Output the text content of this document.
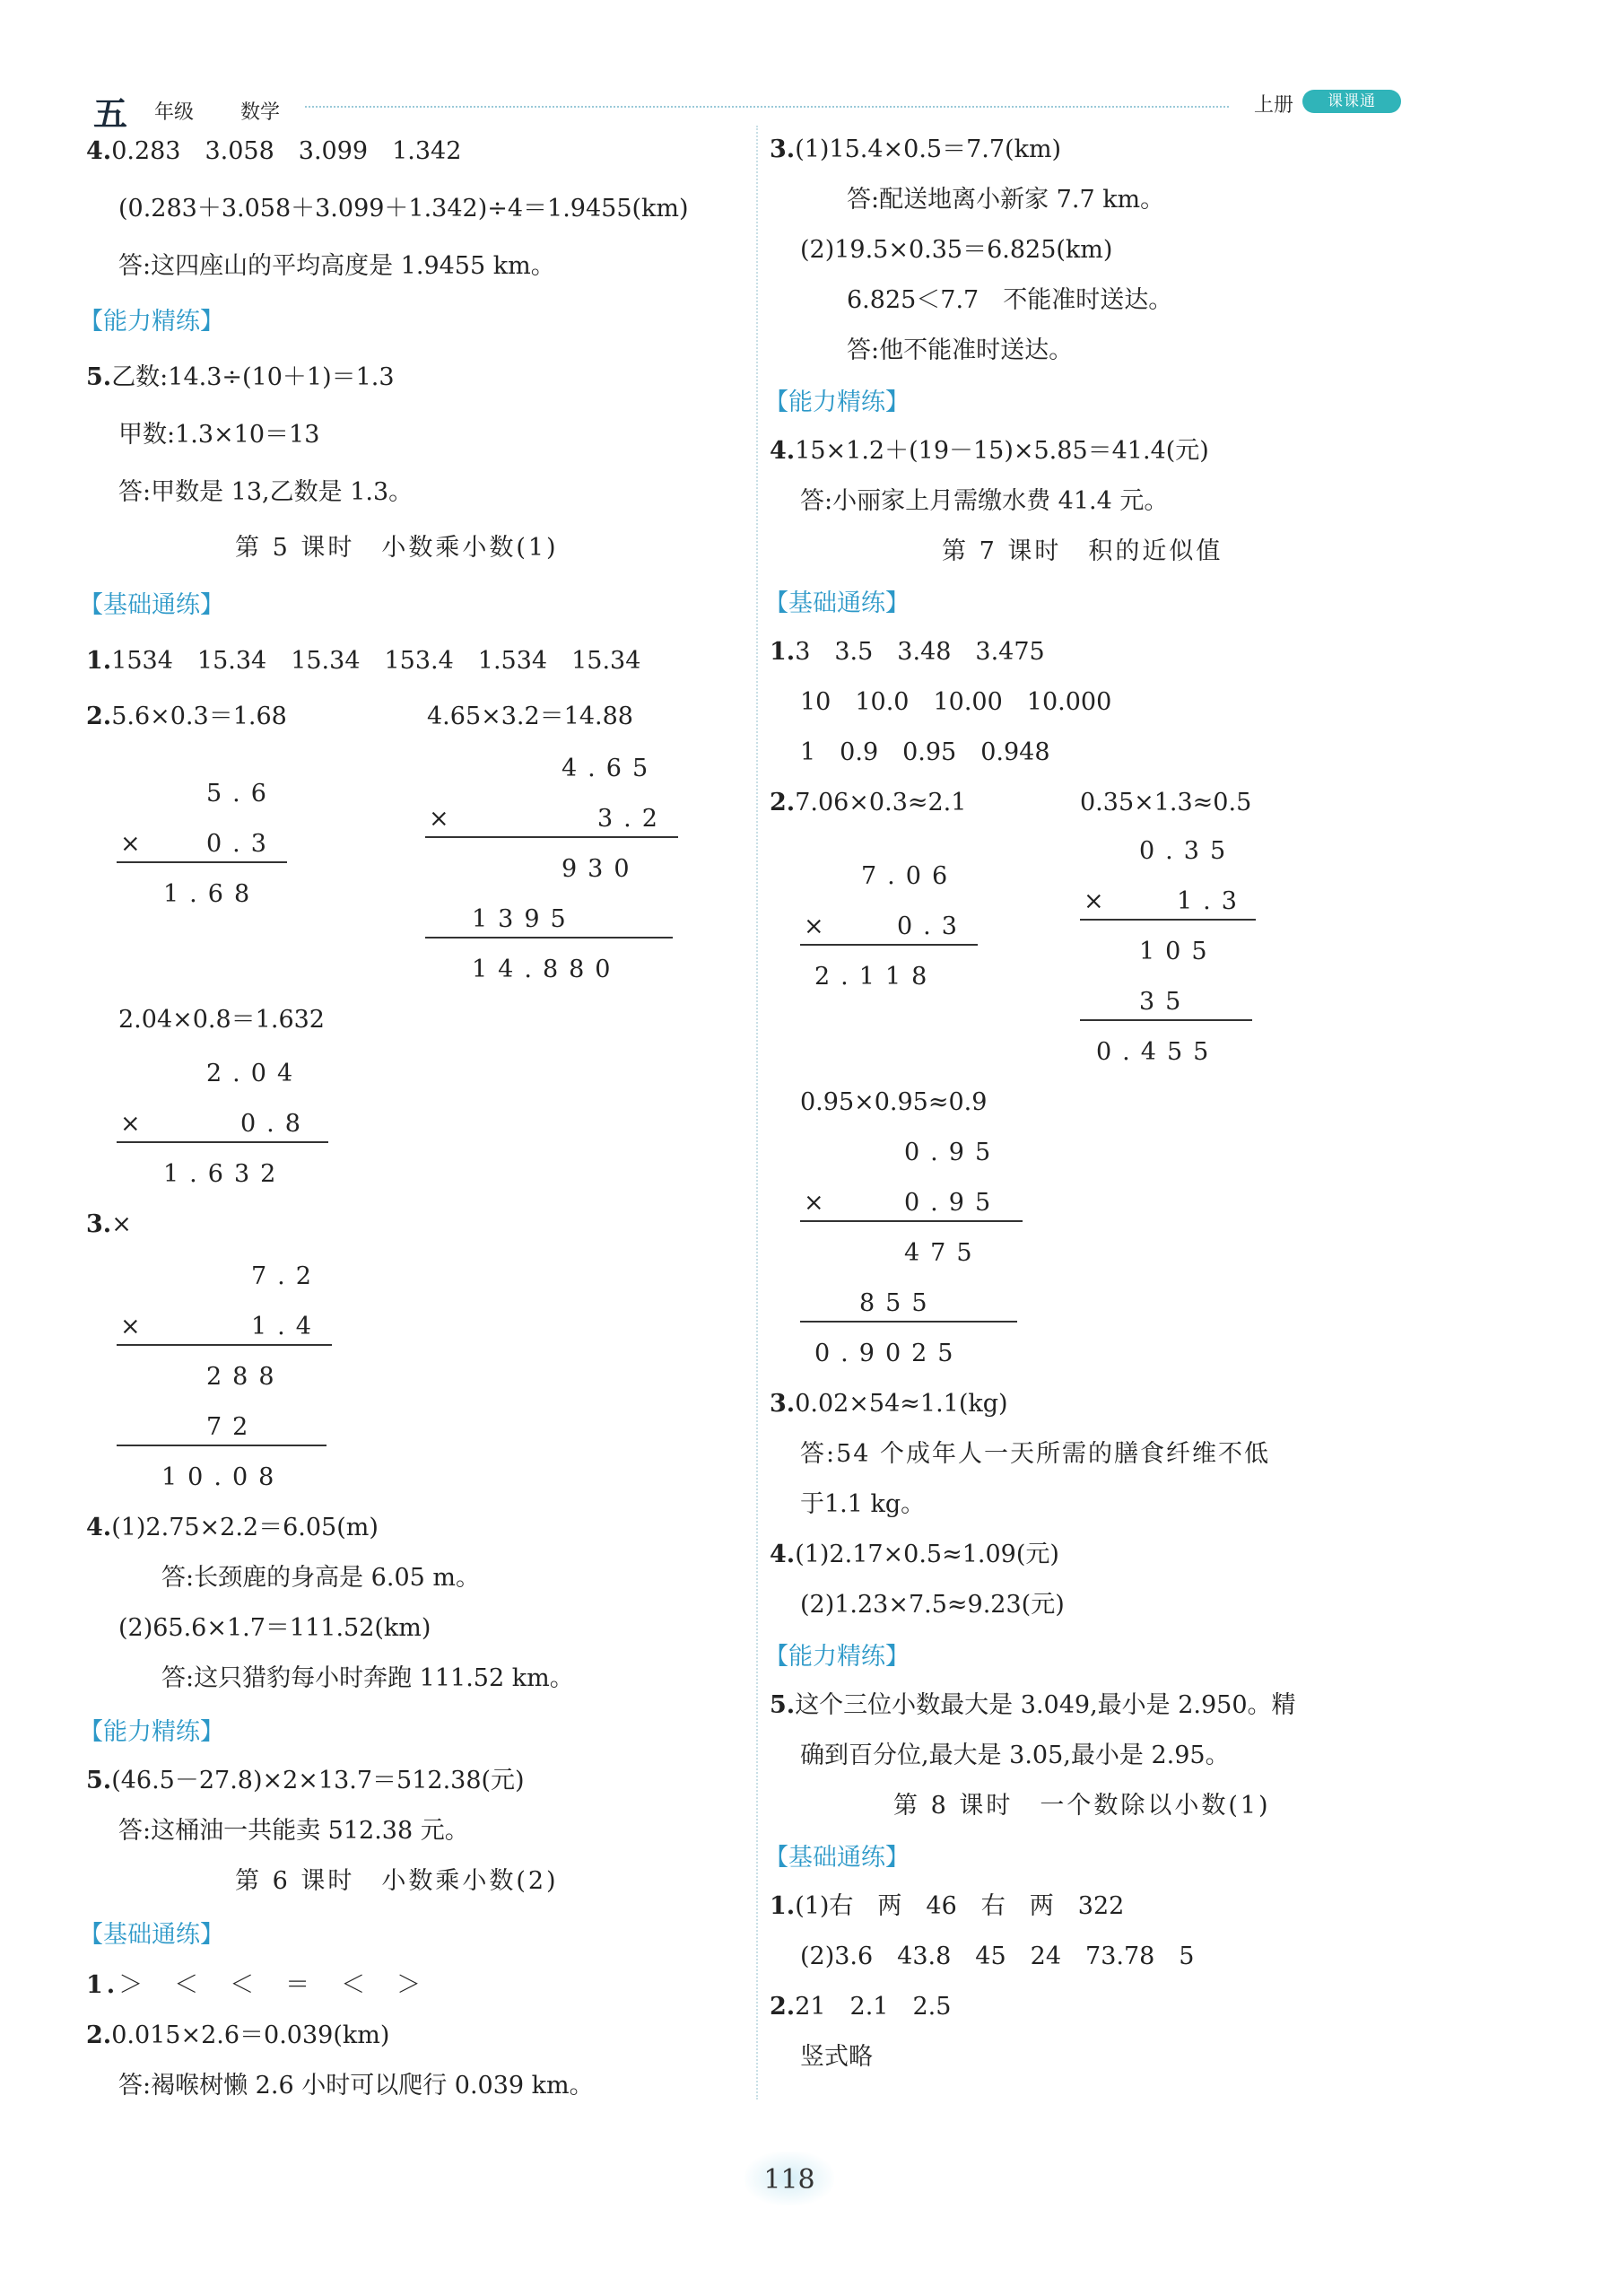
五 年级 数学	上册	课课通
4.0.283　3.058　3.099　1.342
(0.283＋3.058＋3.099＋1.342)÷4＝1.9455(km)
答:这四座山的平均高度是 1.9455 km。
【能力精练】
5.乙数:14.3÷(10＋1)＝1.3
甲数:1.3×10＝13
答:甲数是 13,乙数是 1.3。
第 5 课时　小数乘小数(1)
【基础通练】
1.1534　15.34　15.34　153.4　1.534　15.34
2.5.6×0.3＝1.68	4.65×3.2＝14.88
5.6
× 0.3
1.68
4.65
×	3.2
930
1395
14.880
2.04×0.8＝1.632
2.04
×	0.8
1.632
3.×
7.2
×	1.4
288
72
10.08
4.(1)2.75×2.2＝6.05(m)
答:长颈鹿的身高是 6.05 m。
(2)65.6×1.7＝111.52(km)
答:这只猎豹每小时奔跑 111.52 km。
【能力精练】
5.(46.5－27.8)×2×13.7＝512.38(元)
答:这桶油一共能卖 512.38 元。
第 6 课时　小数乘小数(2)
【基础通练】
1.＞　＜　＜　＝　＜　＞
2.0.015×2.6＝0.039(km)
答:褐喉树懒 2.6 小时可以爬行 0.039 km。
3.(1)15.4×0.5＝7.7(km)
答:配送地离小新家 7.7 km。
(2)19.5×0.35＝6.825(km)
6.825＜7.7　不能准时送达。
答:他不能准时送达。
【能力精练】
4.15×1.2＋(19－15)×5.85＝41.4(元)
答:小丽家上月需缴水费 41.4 元。
第 7 课时　积的近似值
【基础通练】
1.3　3.5　3.48　3.475
10　10.0　10.00　10.000
1　0.9　0.95　0.948
2.7.06×0.3≈2.1	0.35×1.3≈0.5
7.06
×	0.3
2.118
0.35
×	1.3
105
35
0.455
0.95×0.95≈0.9
0.95
×	0.95
475
855
0.9025
3.0.02×54≈1.1(kg)
答:54 个成年人一天所需的膳食纤维不低
于1.1 kg。
4.(1)2.17×0.5≈1.09(元)
(2)1.23×7.5≈9.23(元)
【能力精练】
5.这个三位小数最大是 3.049,最小是 2.950。精
确到百分位,最大是 3.05,最小是 2.95。
第 8 课时　一个数除以小数(1)
【基础通练】
1.(1)右　两　46　右　两　322
(2)3.6　43.8　45　24　73.78　5
2.21　2.1　2.5
竖式略
118
